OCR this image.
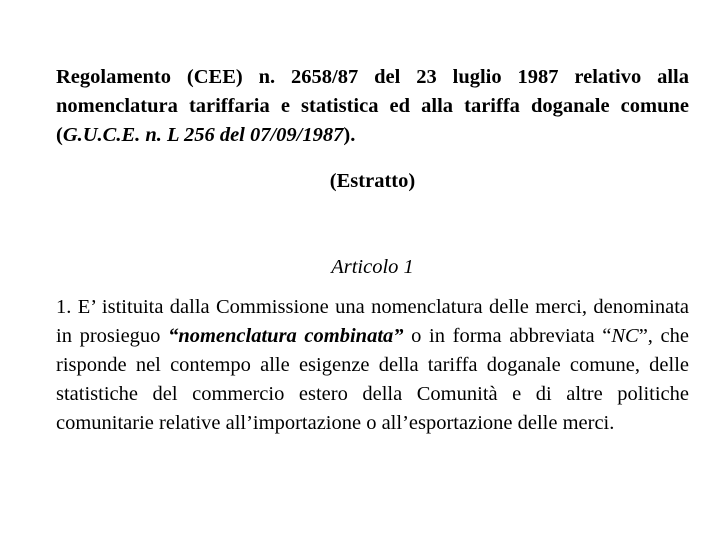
Regolamento (CEE) n. 2658/87 del 23 luglio 1987 relativo alla nomenclatura tariffaria e statistica ed alla tariffa doganale comune (G.U.C.E. n. L 256 del 07/09/1987).

(Estratto)

Articolo 1

1. E’ istituita dalla Commissione una nomenclatura delle merci, denominata in prosieguo “nomenclatura combinata” o in forma abbreviata “NC”, che risponde nel contempo alle esigenze della tariffa doganale comune, delle statistiche del commercio estero della Comunità e di altre politiche comunitarie relative all’importazione o all’esportazione delle merci.
